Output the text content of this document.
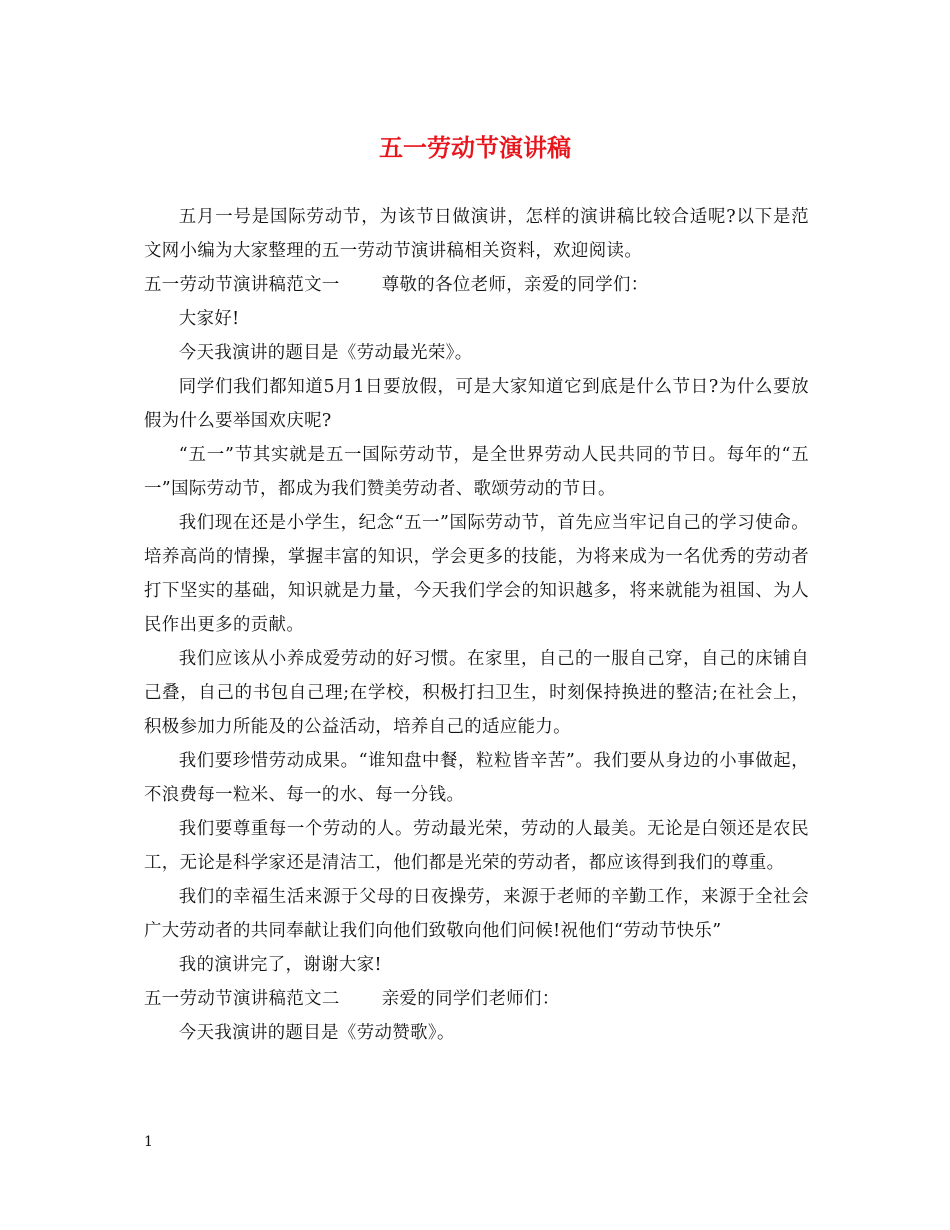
五一劳动节演讲稿

五月一号是国际劳动节，为该节日做演讲，怎样的演讲稿比较合适呢?以下是范文网小编为大家整理的五一劳动节演讲稿相关资料，欢迎阅读。

五一劳动节演讲稿范文一 尊敬的各位老师，亲爱的同学们：

大家好!

今天我演讲的题目是《劳动最光荣》。

同学们我们都知道5月1日要放假，可是大家知道它到底是什么节日?为什么要放假为什么要举国欢庆呢?

“五一”节其实就是五一国际劳动节，是全世界劳动人民共同的节日。每年的“五一”国际劳动节，都成为我们赞美劳动者、歌颂劳动的节日。

我们现在还是小学生，纪念“五一”国际劳动节，首先应当牢记自己的学习使命。培养高尚的情操，掌握丰富的知识，学会更多的技能，为将来成为一名优秀的劳动者打下坚实的基础，知识就是力量，今天我们学会的知识越多，将来就能为祖国、为人民作出更多的贡献。

我们应该从小养成爱劳动的好习惯。在家里，自己的一服自己穿，自己的床铺自己叠，自己的书包自己理;在学校，积极打扫卫生，时刻保持换进的整洁;在社会上，积极参加力所能及的公益活动，培养自己的适应能力。

我们要珍惜劳动成果。“谁知盘中餐，粒粒皆辛苦”。我们要从身边的小事做起，不浪费每一粒米、每一的水、每一分钱。

我们要尊重每一个劳动的人。劳动最光荣，劳动的人最美。无论是白领还是农民工，无论是科学家还是清洁工，他们都是光荣的劳动者，都应该得到我们的尊重。

我们的幸福生活来源于父母的日夜操劳，来源于老师的辛勤工作，来源于全社会广大劳动者的共同奉献让我们向他们致敬向他们问候!祝他们“劳动节快乐”

我的演讲完了，谢谢大家!

五一劳动节演讲稿范文二 亲爱的同学们老师们：

今天我演讲的题目是《劳动赞歌》。

1
